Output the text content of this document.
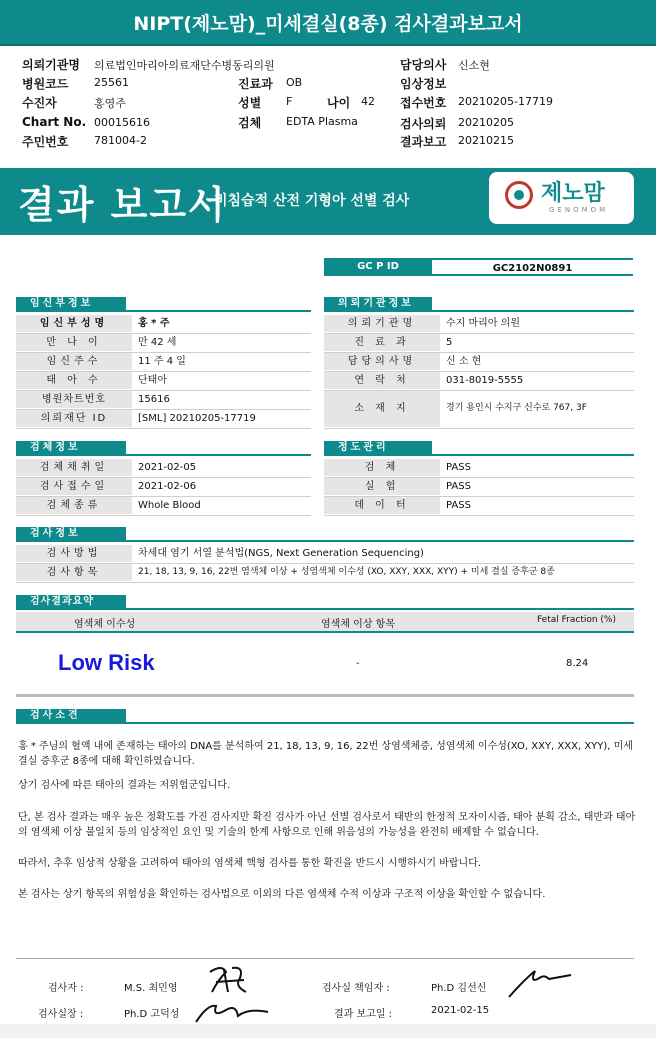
NIPT(제노맘)_미세결실(8종) 검사결과보고서
의뢰기관명 의료법인마리아의료재단수병동리의원
병원코드 25561
수진자	홍영주
Chart No. 00015616
주민번호 781004-2
진료과 OB
성별 F	나이 42
검체 EDTA Plasma
담당의사 신소현
임상정보
접수번호 20210205-17719
검사의뢰 20210205
결과보고 20210215
결과 보고서
비침습적 산전 기형아 선별 검사	제노맘
GENOMOM
GC P ID	GC2102N0891
임신부정보
임신부성명	홍 * 주
만 나 이	만 42 세
임신주수	11 주 4 일
태 아 수	단태아
병원차트번호	15616
의뢰재단 ID	[SML] 20210205-17719
의뢰기관정보
의뢰기관명	수지 마리아 의원
진 료 과	5
담당의사명	신 소 현
연 락 처	031-8019-5555
소 재 지	경기 용인시 수지구 신수로 767, 3F
검체정보
검체채취일	2021-02-05
검사접수일	2021-02-06
검체종류	Whole Blood
정도관리
검 체	PASS
실 험	PASS
데 이 터	PASS
검사정보
검사방법	차세대 염기 서열 분석법(NGS, Next Generation Sequencing)
검사항목	21, 18, 13, 9, 16, 22번 염색체 이상 + 성염색체 이수성 (XO, XXY, XXX, XYY) + 미세 결실 증후군 8종
검사결과요약
염색체 이수성	염색체 이상 항목	Fetal Fraction (%)
Low Risk	-	8.24
검사소견

홍 * 주님의 혈액 내에 존재하는 태아의 DNA를 분석하여 21, 18, 13, 9, 16, 22번 상염색체증, 성염색체 이수성(XO, XXY, XXX, XYY), 미세 결실 증후군 8종에 대해 확인하였습니다.

상기 검사에 따른 태아의 결과는 저위험군입니다.

단, 본 검사 결과는 매우 높은 정확도를 가진 검사지만 확진 검사가 아닌 선별 검사로서 태반의 한정적 모자이시즘, 태아 분획 감소, 태반과 태아의 염색체 이상 불일치 등의 임상적인 요인 및 기술의 한계 사항으로 인해 위음성의 가능성을 완전히 배제할 수 없습니다.

따라서, 추후 임상적 상황을 고려하여 태아의 염색체 핵형 검사를 통한 확진을 반드시 시행하시기 바랍니다.

본 검사는 상기 항목의 위험성을 확인하는 검사법으로 이외의 다른 염색체 수적 이상과 구조적 이상을 확인할 수 없습니다.

검사자 :	M.S. 최민영	검사실 책임자 :	Ph.D 김선신
검사실장 :	Ph.D 고덕성	결과 보고일 :	2021-02-15
